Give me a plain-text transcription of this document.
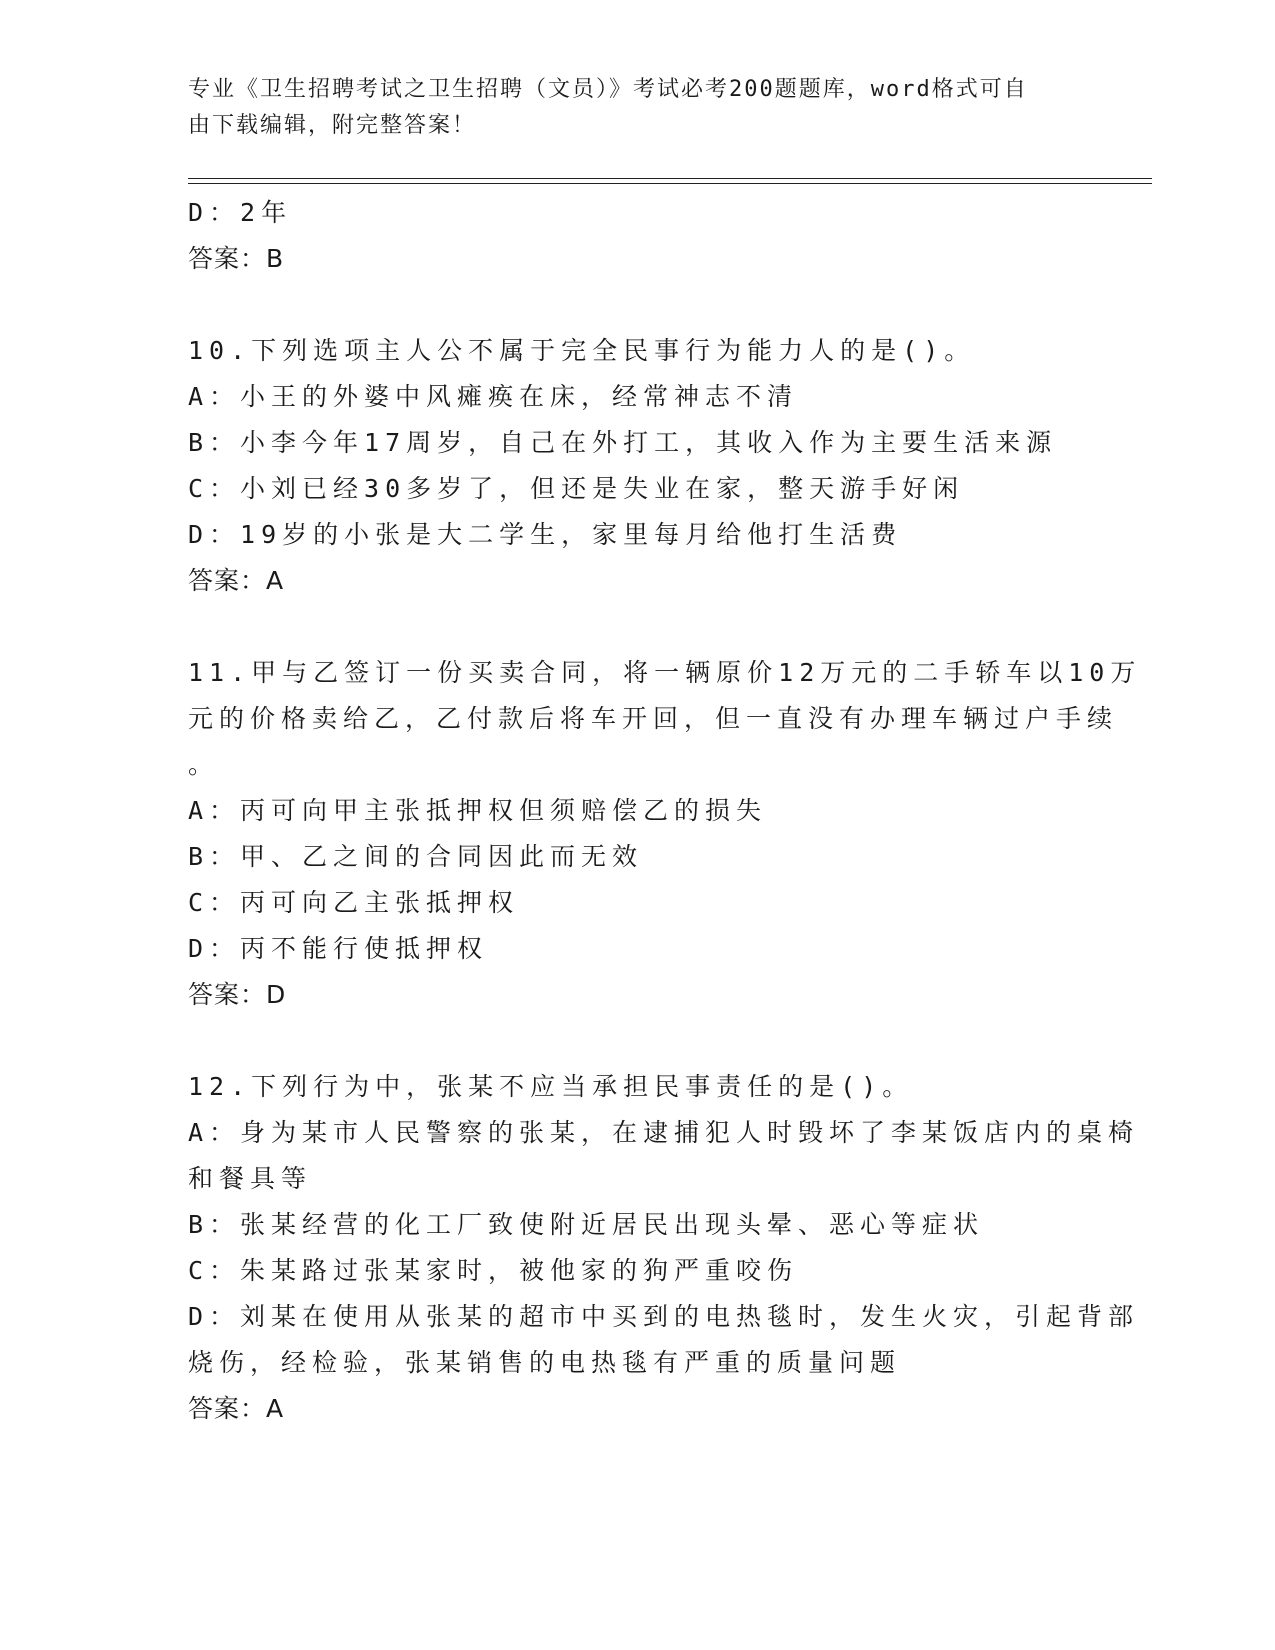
专业《卫生招聘考试之卫生招聘（文员）》考试必考200题题库，word格式可自
由下载编辑，附完整答案！
D：2年
答案：B
10.下列选项主人公不属于完全民事行为能力人的是()。
A：小王的外婆中风瘫痪在床，经常神志不清
B：小李今年17周岁，自己在外打工，其收入作为主要生活来源
C：小刘已经30多岁了，但还是失业在家，整天游手好闲
D：19岁的小张是大二学生，家里每月给他打生活费
答案：A
11.甲与乙签订一份买卖合同，将一辆原价12万元的二手轿车以10万
元的价格卖给乙，乙付款后将车开回，但一直没有办理车辆过户手续
。
A：丙可向甲主张抵押权但须赔偿乙的损失
B：甲、乙之间的合同因此而无效
C：丙可向乙主张抵押权
D：丙不能行使抵押权
答案：D
12.下列行为中，张某不应当承担民事责任的是()。
A：身为某市人民警察的张某，在逮捕犯人时毁坏了李某饭店内的桌椅
和餐具等
B：张某经营的化工厂致使附近居民出现头晕、恶心等症状
C：朱某路过张某家时，被他家的狗严重咬伤
D：刘某在使用从张某的超市中买到的电热毯时，发生火灾，引起背部
烧伤，经检验，张某销售的电热毯有严重的质量问题
答案：A
